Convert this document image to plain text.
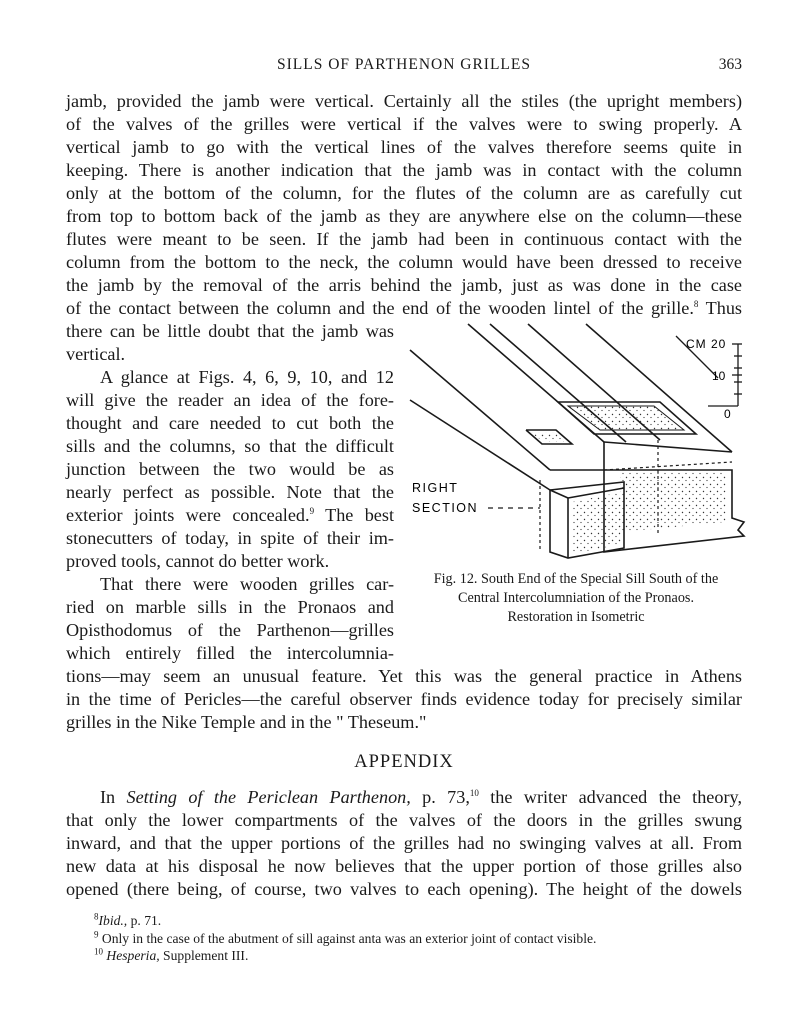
SILLS OF PARTHENON GRILLES	363
jamb, provided the jamb were vertical. Certainly all the stiles (the upright members)
of the valves of the grilles were vertical if the valves were to swing properly. A
vertical jamb to go with the vertical lines of the valves therefore seems quite in
keeping. There is another indication that the jamb was in contact with the column
only at the bottom of the column, for the flutes of the column are as carefully cut
from top to bottom back of the jamb as they are anywhere else on the column—these
flutes were meant to be seen. If the jamb had been in continuous contact with the
column from the bottom to the neck, the column would have been dressed to receive
the jamb by the removal of the arris behind the jamb, just as was done in the case
of the contact between the column and the end of the wooden lintel of the grille.$^8$ Thus
there can be little doubt that the jamb was
vertical.
A glance at Figs. 4, 6, 9, 10, and 12
will give the reader an idea of the fore-
thought and care needed to cut both the
sills and the columns, so that the difficult
junction between the two would be as
nearly perfect as possible. Note that the
exterior joints were concealed.$^9$ The best
stonecutters of today, in spite of their im-
proved tools, cannot do better work.
That there were wooden grilles car-
ried on marble sills in the Pronaos and
Opisthodomus of the Parthenon—grilles
which entirely filled the intercolumnia-
tions—may seem an unusual feature. Yet this was the general practice in Athens
in the time of Pericles—the careful observer finds evidence today for precisely similar
grilles in the Nike Temple and in the " Theseum."
CM 20
10
0
RIGHT
SECTION
Fig. 12. South End of the Special Sill South of the
Central Intercolumniation of the Pronaos.
Restoration in Isometric
APPENDIX
In Setting of the Periclean Parthenon, p. 73,10 the writer advanced the theory,
that only the lower compartments of the valves of the doors in the grilles swung
inward, and that the upper portions of the grilles had no swinging valves at all. From
new data at his disposal he now believes that the upper portion of those grilles also
opened (there being, of course, two valves to each opening). The height of the dowels
$^8$Ibid., p. 71.
$^9$ Only in the case of the abutment of sill against anta was an exterior joint of contact visible.
$^{10}$ Hesperia, Supplement III.
